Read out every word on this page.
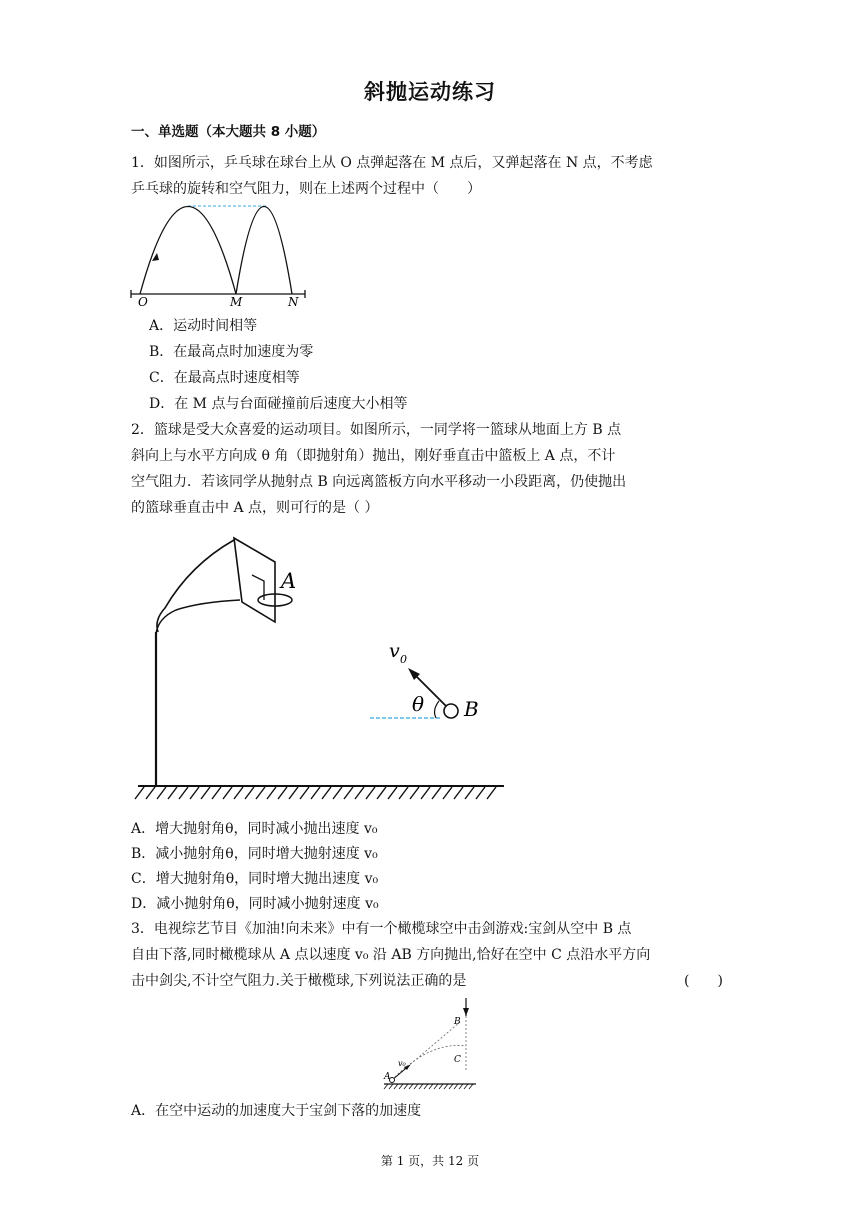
斜抛运动练习
一、单选题（本大题共 8 小题）
1．如图所示，乒乓球在球台上从 O 点弹起落在 M 点后，又弹起落在 N 点，不考虑
乒乓球的旋转和空气阻力，则在上述两个过程中（　　）
O	M	N
A．运动时间相等
B．在最高点时加速度为零
C．在最高点时速度相等
D．在 M 点与台面碰撞前后速度大小相等
2．篮球是受大众喜爱的运动项目。如图所示，一同学将一篮球从地面上方 B 点
斜向上与水平方向成 θ 角（即抛射角）抛出，刚好垂直击中篮板上 A 点，不计
空气阻力．若该同学从抛射点 B 向远离篮板方向水平移动一小段距离，仍使抛出
的篮球垂直击中 A 点，则可行的是（ ）
A
B
θ
v 0
A．增大抛射角θ，同时减小抛出速度 v₀
B．减小抛射角θ，同时增大抛射速度 v₀
C．增大抛射角θ，同时增大抛出速度 v₀
D．减小抛射角θ，同时减小抛射速度 v₀
3．电视综艺节目《加油!向未来》中有一个橄榄球空中击剑游戏:宝剑从空中 B 点
自由下落,同时橄榄球从 A 点以速度 v₀ 沿 AB 方向抛出,恰好在空中 C 点沿水平方向
击中剑尖,不计空气阻力.关于橄榄球,下列说法正确的是	(　　)
A
B
C
v₀
A．在空中运动的加速度大于宝剑下落的加速度
第 1 页，共 12 页
